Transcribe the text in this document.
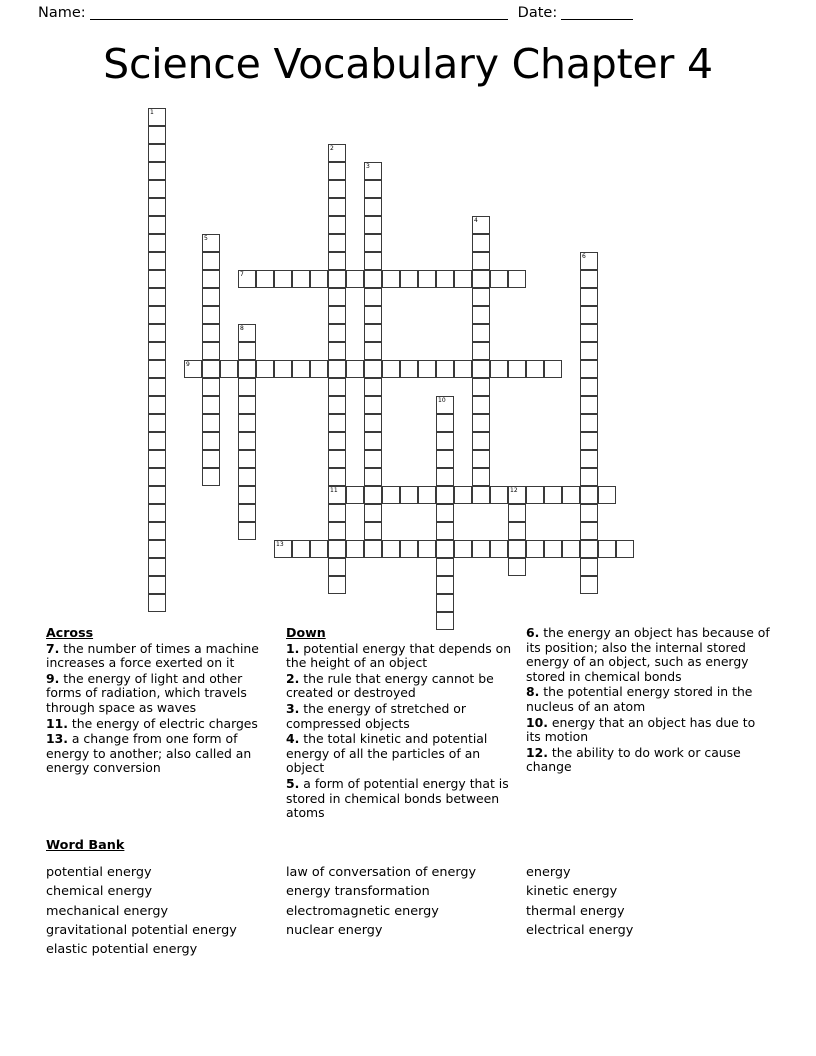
Name:	Date:
Science Vocabulary Chapter 4
1
2
3
4
5
6
7
8
9
10
11	12
13
Across

7. the number of times a machine increases a force exerted on it

9. the energy of light and other forms of radiation, which travels through space as waves

11. the energy of electric charges

13. a change from one form of energy to another; also called an energy conversion

Down

1. potential energy that depends on the height of an object

2. the rule that energy cannot be created or destroyed

3. the energy of stretched or compressed objects

4. the total kinetic and potential energy of all the particles of an object

5. a form of potential energy that is stored in chemical bonds between atoms

6. the energy an object has because of its position; also the internal stored energy of an object, such as energy stored in chemical bonds

8. the potential energy stored in the nucleus of an atom

10. energy that an object has due to its motion

12. the ability to do work or cause change

Word Bank
potential energy
chemical energy
mechanical energy
gravitational potential energy
elastic potential energy
law of conversation of energy
energy transformation
electromagnetic energy
nuclear energy
energy
kinetic energy
thermal energy
electrical energy
